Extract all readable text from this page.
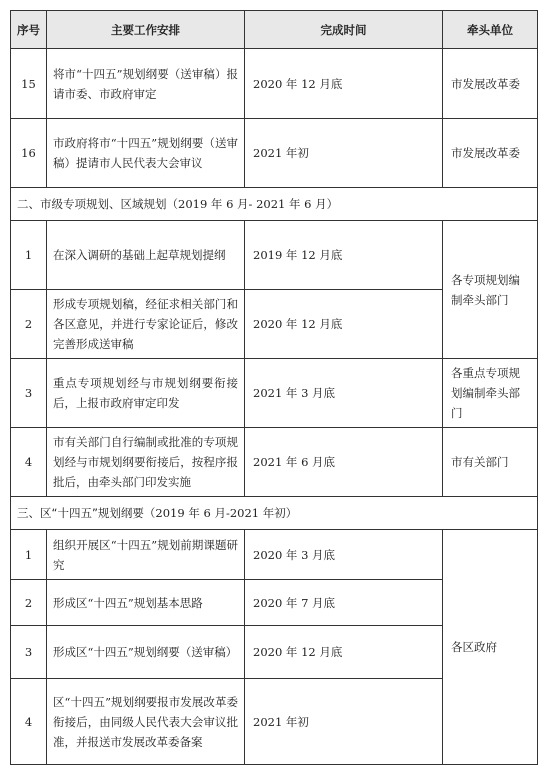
序号	主要工作安排	完成时间	牵头单位
15	将市“十四五”规划纲要（送审稿）报请市委、市政府审定	2020 年 12 月底	市发展改革委
16	市政府将市“十四五”规划纲要（送审稿）提请市人民代表大会审议	2021 年初	市发展改革委
二、市级专项规划、区域规划（2019 年 6 月- 2021 年 6 月）			
1	在深入调研的基础上起草规划提纲	2019 年 12 月底	各专项规划编制牵头部门
2	形成专项规划稿，经征求相关部门和各区意见，并进行专家论证后，修改完善形成送审稿	2020 年 12 月底	
3	重点专项规划经与市规划纲要衔接后，上报市政府审定印发	2021 年 3 月底	各重点专项规划编制牵头部门
4	市有关部门自行编制或批准的专项规划经与市规划纲要衔接后，按程序报批后，由牵头部门印发实施	2021 年 6 月底	市有关部门
三、区“十四五”规划纲要（2019 年 6 月-2021 年初）			
1	组织开展区“十四五”规划前期课题研究	2020 年 3 月底	各区政府
2	形成区“十四五”规划基本思路	2020 年 7 月底	
3	形成区“十四五”规划纲要（送审稿）	2020 年 12 月底	
4	区“十四五”规划纲要报市发展改革委衔接后，由同级人民代表大会审议批准，并报送市发展改革委备案	2021 年初	
